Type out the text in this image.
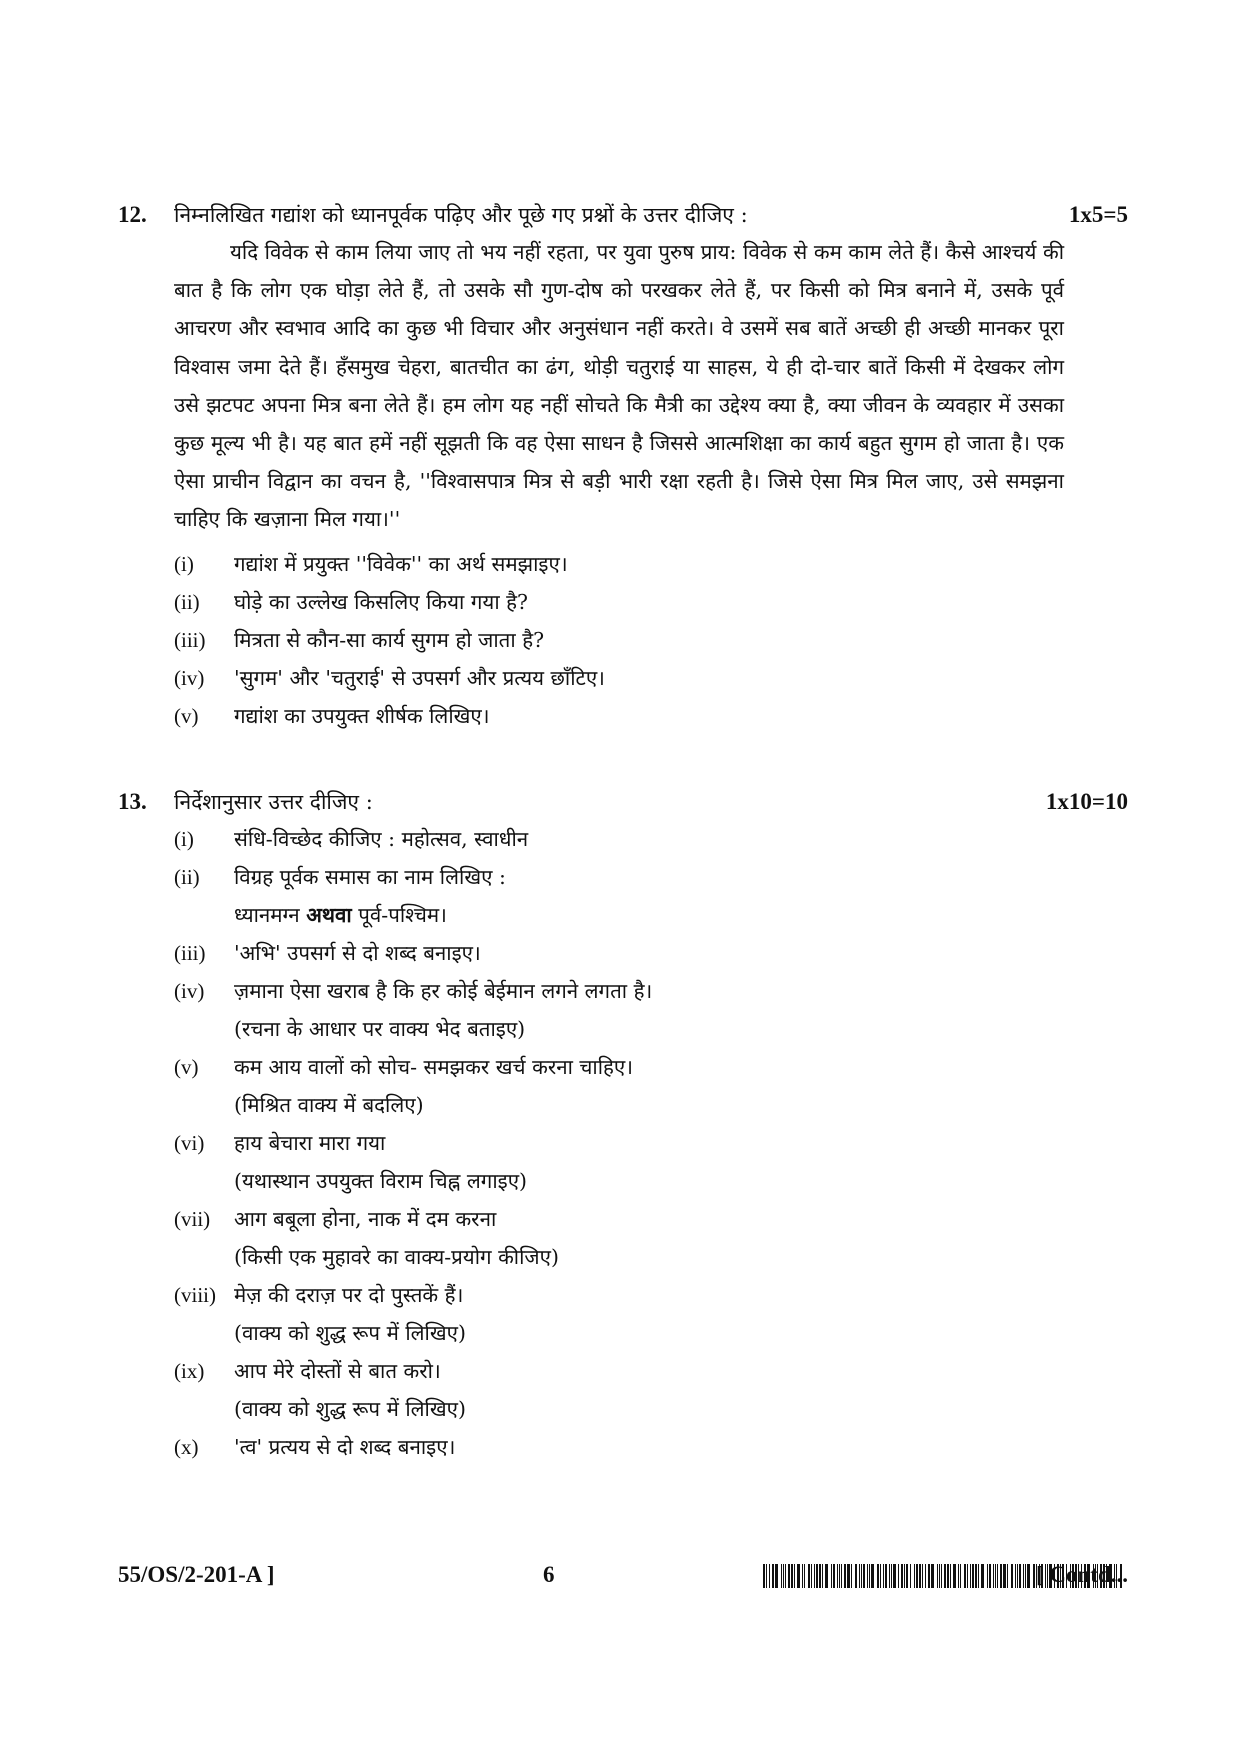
12. निम्नलिखित गद्यांश को ध्यानपूर्वक पढ़िए और पूछे गए प्रश्नों के उत्तर दीजिए :	1x5=5
यदि विवेक से काम लिया जाए तो भय नहीं रहता, पर युवा पुरुष प्राय: विवेक से कम काम लेते हैं। कैसे आश्चर्य की बात है कि लोग एक घोड़ा लेते हैं, तो उसके सौ गुण-दोष को परखकर लेते हैं, पर किसी को मित्र बनाने में, उसके पूर्व आचरण और स्वभाव आदि का कुछ भी विचार और अनुसंधान नहीं करते। वे उसमें सब बातें अच्छी ही अच्छी मानकर पूरा विश्वास जमा देते हैं। हँसमुख चेहरा, बातचीत का ढंग, थोड़ी चतुराई या साहस, ये ही दो-चार बातें किसी में देखकर लोग उसे झटपट अपना मित्र बना लेते हैं। हम लोग यह नहीं सोचते कि मैत्री का उद्देश्य क्या है, क्या जीवन के व्यवहार में उसका कुछ मूल्य भी है। यह बात हमें नहीं सूझती कि वह ऐसा साधन है जिससे आत्मशिक्षा का कार्य बहुत सुगम हो जाता है। एक ऐसा प्राचीन विद्वान का वचन है, ''विश्वासपात्र मित्र से बड़ी भारी रक्षा रहती है। जिसे ऐसा मित्र मिल जाए, उसे समझना चाहिए कि खज़ाना मिल गया।''
(i) गद्यांश में प्रयुक्त ''विवेक'' का अर्थ समझाइए।
(ii) घोड़े का उल्लेख किसलिए किया गया है?
(iii) मित्रता से कौन-सा कार्य सुगम हो जाता है?
(iv) 'सुगम' और 'चतुराई' से उपसर्ग और प्रत्यय छाँटिए।
(v) गद्यांश का उपयुक्त शीर्षक लिखिए।
13. निर्देशानुसार उत्तर दीजिए :	1x10=10
(i) संधि-विच्छेद कीजिए : महोत्सव, स्वाधीन
(ii) विग्रह पूर्वक समास का नाम लिखिए :
ध्यानमग्न अथवा पूर्व-पश्चिम।
(iii) 'अभि' उपसर्ग से दो शब्द बनाइए।
(iv) ज़माना ऐसा खराब है कि हर कोई बेईमान लगने लगता है।
(रचना के आधार पर वाक्य भेद बताइए)
(v) कम आय वालों को सोच- समझकर खर्च करना चाहिए।
(मिश्रित वाक्य में बदलिए)
(vi) हाय बेचारा मारा गया
(यथास्थान उपयुक्त विराम चिह्न लगाइए)
(vii) आग बबूला होना, नाक में दम करना
(किसी एक मुहावरे का वाक्य-प्रयोग कीजिए)
(viii) मेज़ की दराज़ पर दो पुस्तकें हैं।
(वाक्य को शुद्ध रूप में लिखिए)
(ix) आप मेरे दोस्तों से बात करो।
(वाक्य को शुद्ध रूप में लिखिए)
(x) 'त्व' प्रत्यय से दो शब्द बनाइए।
55/OS/2-201-A ]	6	[ Contd...
